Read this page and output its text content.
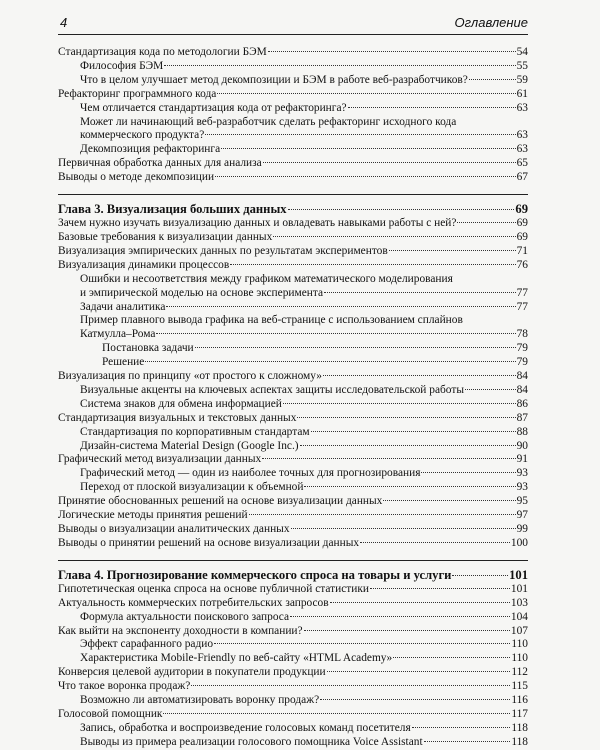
4	Оглавление
Стандартизация кода по методологии БЭМ	54
Философия БЭМ	55
Что в целом улучшает метод декомпозиции и БЭМ в работе веб-разработчиков?	59
Рефакторинг программного кода	61
Чем отличается стандартизация кода от рефакторинга?	63
Может ли начинающий веб-разработчик сделать рефакторинг исходного кода
коммерческого продукта?	63
Декомпозиция рефакторинга	63
Первичная обработка данных для анализа	65
Выводы о методе декомпозиции	67
Глава 3. Визуализация больших данных	69
Зачем нужно изучать визуализацию данных и овладевать навыками работы с ней?	69
Базовые требования к визуализации данных	69
Визуализация эмпирических данных по результатам экспериментов	71
Визуализация динамики процессов	76
Ошибки и несоответствия между графиком математического моделирования
и эмпирической моделью на основе эксперимента	77
Задачи аналитика	77
Пример плавного вывода графика на веб-странице с использованием сплайнов
Катмулла–Рома	78
Постановка задачи	79
Решение	79
Визуализация по принципу «от простого к сложному»	84
Визуальные акценты на ключевых аспектах защиты исследовательской работы	84
Система знаков для обмена информацией	86
Стандартизация визуальных и текстовых данных	87
Стандартизация по корпоративным стандартам	88
Дизайн-система Material Design (Google Inc.)	90
Графический метод визуализации данных	91
Графический метод — один из наиболее точных для прогнозирования	93
Переход от плоской визуализации к объемной	93
Принятие обоснованных решений на основе визуализации данных	95
Логические методы принятия решений	97
Выводы о визуализации аналитических данных	99
Выводы о принятии решений на основе визуализации данных	100
Глава 4. Прогнозирование коммерческого спроса на товары и услуги	101
Гипотетическая оценка спроса на основе публичной статистики	101
Актуальность коммерческих потребительских запросов	103
Формула актуальности поискового запроса	104
Как выйти на экспоненту доходности в компании?	107
Эффект сарафанного радио	110
Характеристика Mobile-Friendly по веб-сайту «HTML Academy»	110
Конверсия целевой аудитории в покупатели продукции	112
Что такое воронка продаж?	115
Возможно ли автоматизировать воронку продаж?	116
Голосовой помощник	117
Запись, обработка и воспроизведение голосовых команд посетителя	118
Выводы из примера реализации голосового помощника Voice Assistant	118
